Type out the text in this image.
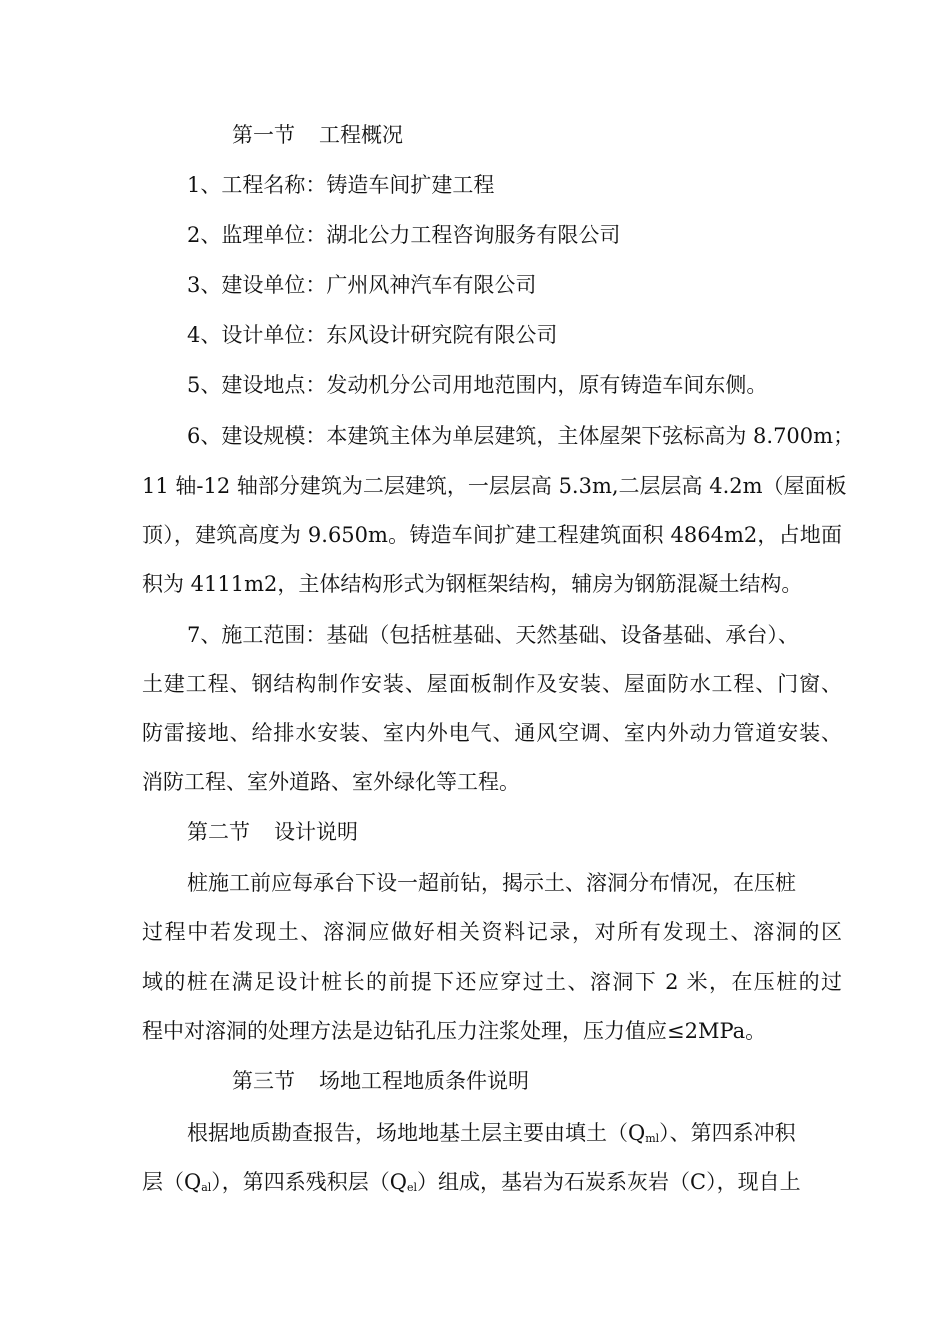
第一节 工程概况
1、工程名称：铸造车间扩建工程
2、监理单位：湖北公力工程咨询服务有限公司
3、建设单位：广州风神汽车有限公司
4、设计单位：东风设计研究院有限公司
5、建设地点：发动机分公司用地范围内，原有铸造车间东侧。
6、建设规模：本建筑主体为单层建筑，主体屋架下弦标高为 8.700m；
11 轴-12 轴部分建筑为二层建筑，一层层高 5.3m,二层层高 4.2m（屋面板
顶），建筑高度为 9.650m。铸造车间扩建工程建筑面积 4864m2，占地面
积为 4111m2，主体结构形式为钢框架结构，辅房为钢筋混凝土结构。
7、施工范围：基础（包括桩基础、天然基础、设备基础、承台）、
土建工程、钢结构制作安装、屋面板制作及安装、屋面防水工程、门窗、
防雷接地、给排水安装、室内外电气、通风空调、室内外动力管道安装、
消防工程、室外道路、室外绿化等工程。
第二节 设计说明
桩施工前应每承台下设一超前钻，揭示土、溶洞分布情况，在压桩
过程中若发现土、溶洞应做好相关资料记录，对所有发现土、溶洞的区
域的桩在满足设计桩长的前提下还应穿过土、溶洞下 2 米，在压桩的过
程中对溶洞的处理方法是边钻孔压力注浆处理，压力值应≤2MPa。
第三节 场地工程地质条件说明
根据地质勘查报告，场地地基土层主要由填土（Qml）、第四系冲积
层（Qal），第四系残积层（Qel）组成，基岩为石炭系灰岩（C），现自上
